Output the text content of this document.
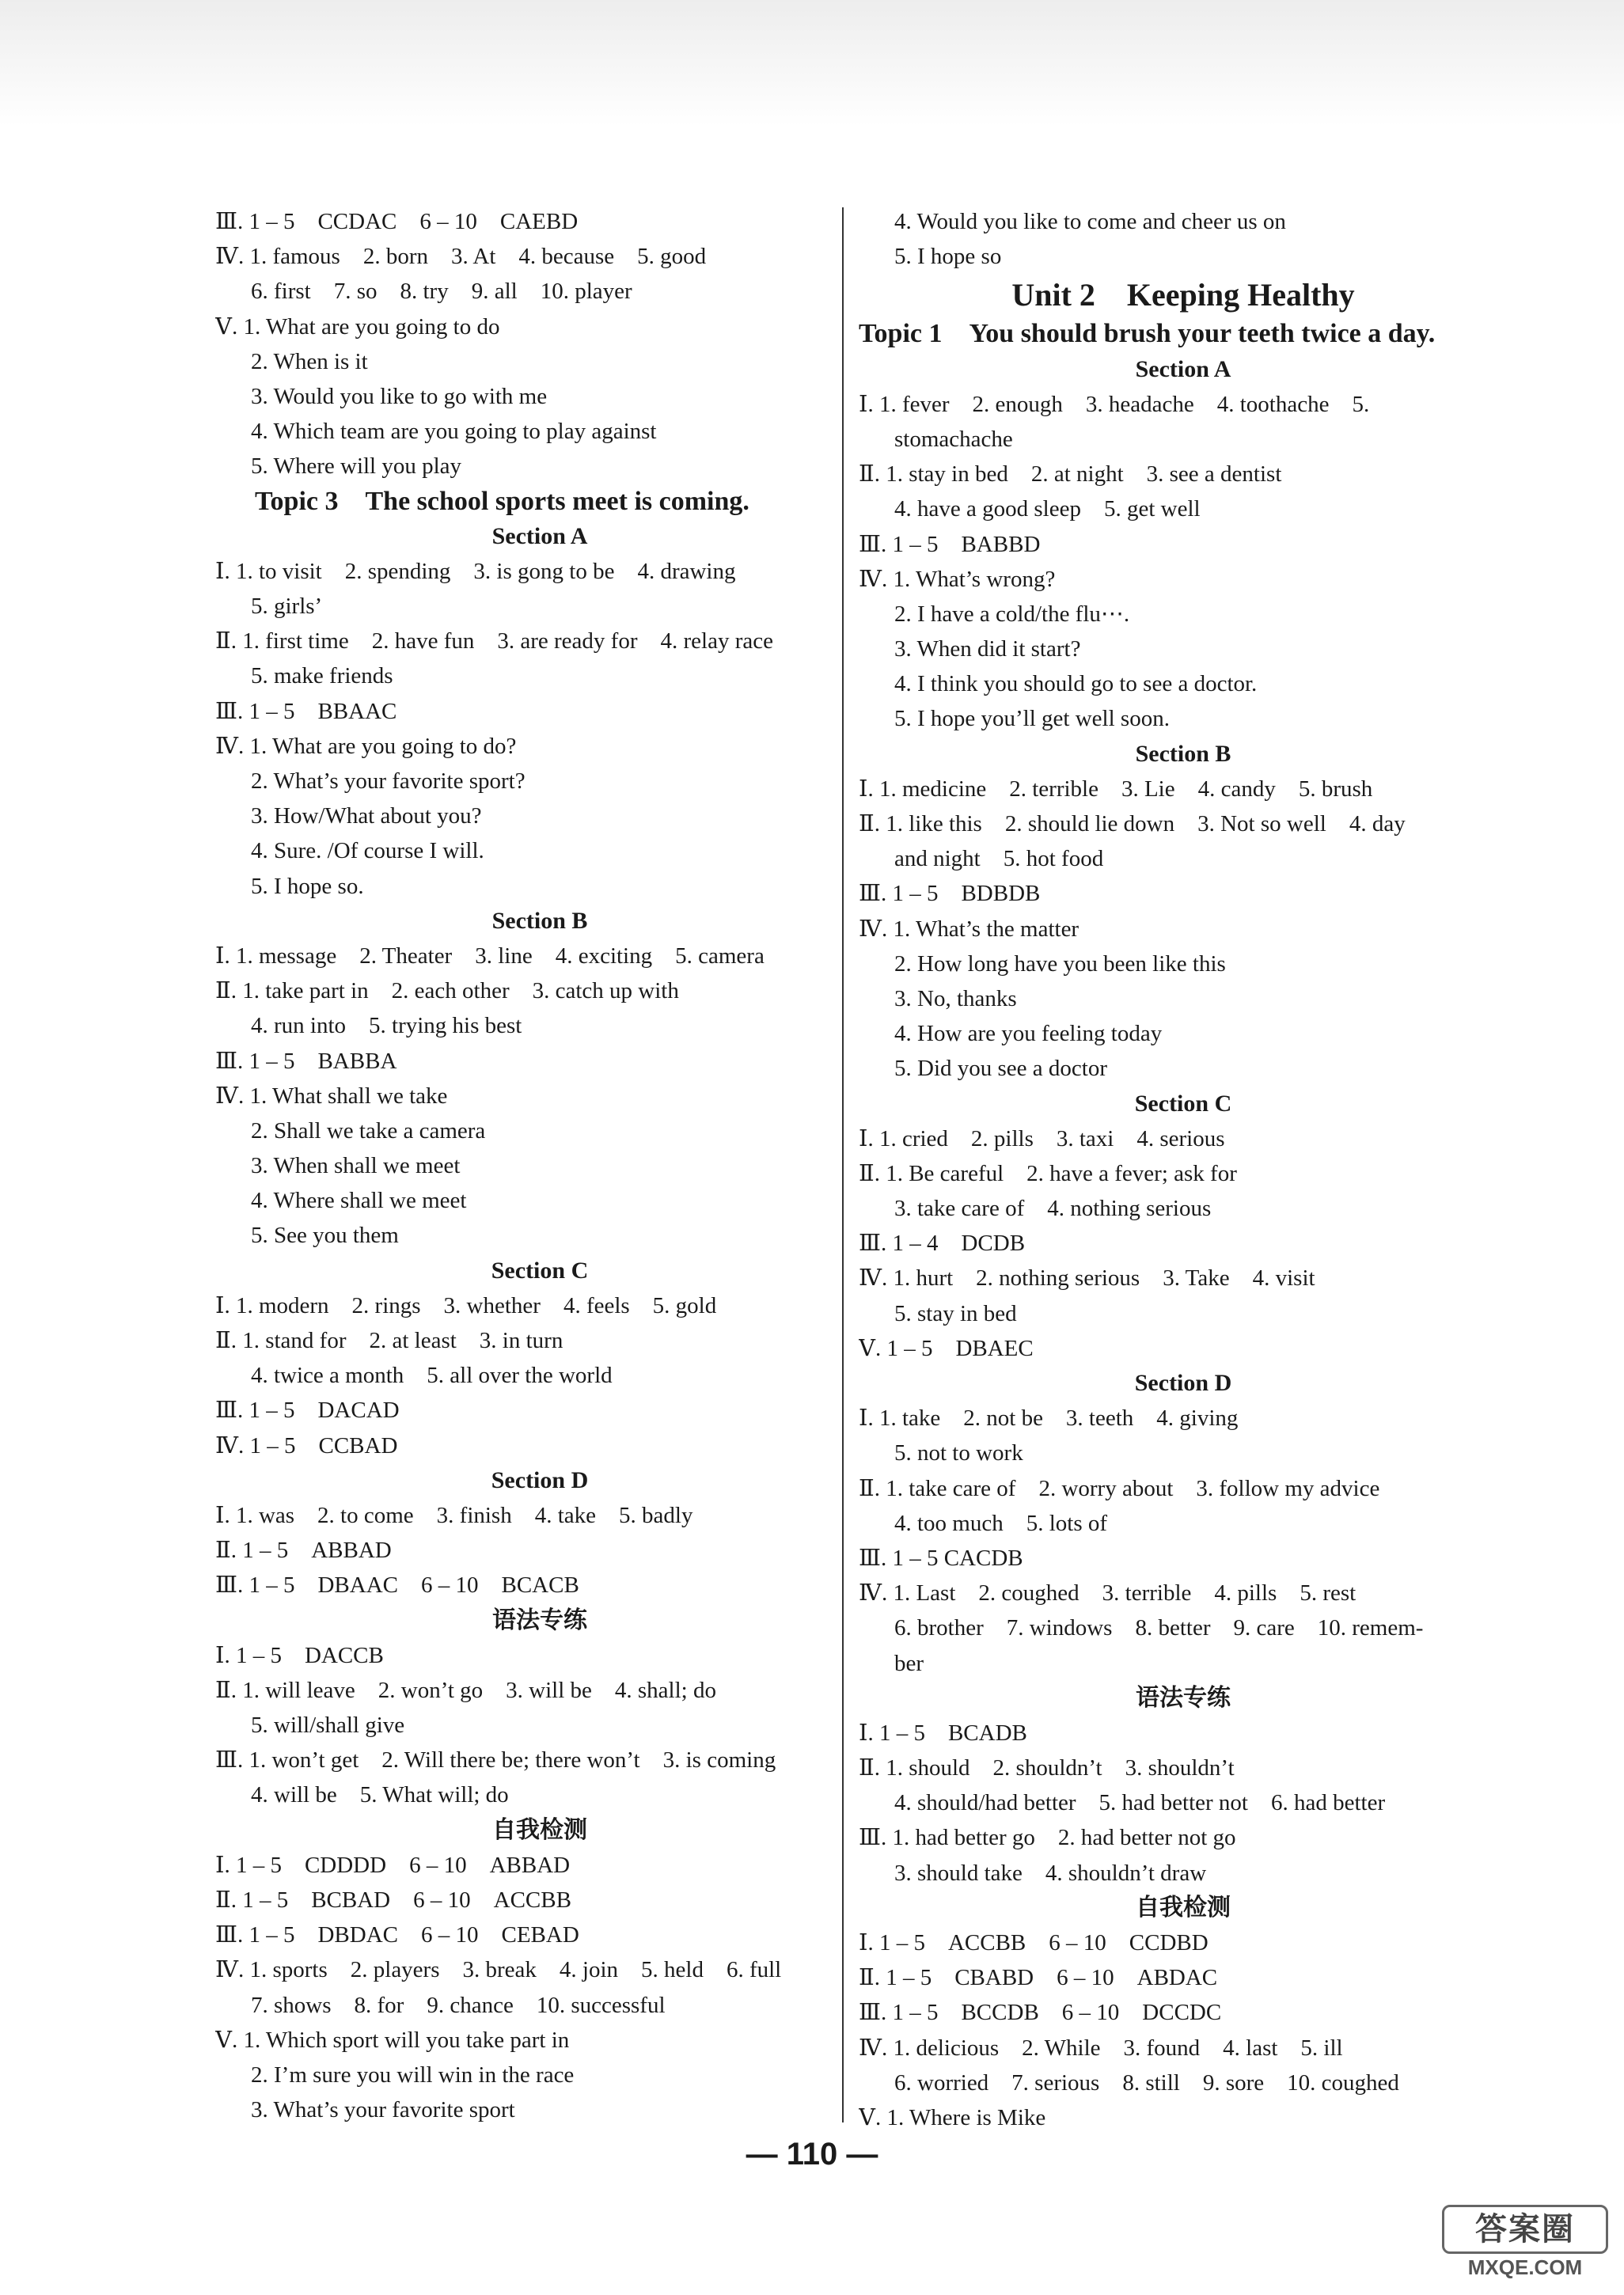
Ⅲ. 1 – 5　CCDAC　6 – 10　CAEBD
Ⅳ. 1. famous　2. born　3. At　4. because　5. good
6. first　7. so　8. try　9. all　10. player
Ⅴ. 1. What are you going to do
2. When is it
3. Would you like to go with me
4. Which team are you going to play against
5. Where will you play
Topic 3　The school sports meet is coming.
Section A
Ⅰ. 1. to visit　2. spending　3. is gong to be　4. drawing
5. girls’
Ⅱ. 1. first time　2. have fun　3. are ready for　4. relay race
5. make friends
Ⅲ. 1 – 5　BBAAC
Ⅳ. 1. What are you going to do?
2. What’s your favorite sport?
3. How/What about you?
4. Sure. /Of course I will.
5. I hope so.
Section B
Ⅰ. 1. message　2. Theater　3. line　4. exciting　5. camera
Ⅱ. 1. take part in　2. each other　3. catch up with
4. run into　5. trying his best
Ⅲ. 1 – 5　BABBA
Ⅳ. 1. What shall we take
2. Shall we take a camera
3. When shall we meet
4. Where shall we meet
5. See you them
Section C
Ⅰ. 1. modern　2. rings　3. whether　4. feels　5. gold
Ⅱ. 1. stand for　2. at least　3. in turn
4. twice a month　5. all over the world
Ⅲ. 1 – 5　DACAD
Ⅳ. 1 – 5　CCBAD
Section D
Ⅰ. 1. was　2. to come　3. finish　4. take　5. badly
Ⅱ. 1 – 5　ABBAD
Ⅲ. 1 – 5　DBAAC　6 – 10　BCACB
语法专练
Ⅰ. 1 – 5　DACCB
Ⅱ. 1. will leave　2. won’t go　3. will be　4. shall; do
5. will/shall give
Ⅲ. 1. won’t get　2. Will there be; there won’t　3. is coming
4. will be　5. What will; do
自我检测
Ⅰ. 1 – 5　CDDDD　6 – 10　ABBAD
Ⅱ. 1 – 5　BCBAD　6 – 10　ACCBB
Ⅲ. 1 – 5　DBDAC　6 – 10　CEBAD
Ⅳ. 1. sports　2. players　3. break　4. join　5. held　6. full
7. shows　8. for　9. chance　10. successful
Ⅴ. 1. Which sport will you take part in
2. I’m sure you will win in the race
3. What’s your favorite sport
4. Would you like to come and cheer us on
5. I hope so
Unit 2　Keeping Healthy
Topic 1　You should brush your teeth twice a day.
Section A
Ⅰ. 1. fever　2. enough　3. headache　4. toothache　5.
stomachache
Ⅱ. 1. stay in bed　2. at night　3. see a dentist
4. have a good sleep　5. get well
Ⅲ. 1 – 5　BABBD
Ⅳ. 1. What’s wrong?
2. I have a cold/the flu⋯.
3. When did it start?
4. I think you should go to see a doctor.
5. I hope you’ll get well soon.
Section B
Ⅰ. 1. medicine　2. terrible　3. Lie　4. candy　5. brush
Ⅱ. 1. like this　2. should lie down　3. Not so well　4. day
and night　5. hot food
Ⅲ. 1 – 5　BDBDB
Ⅳ. 1. What’s the matter
2. How long have you been like this
3. No, thanks
4. How are you feeling today
5. Did you see a doctor
Section C
Ⅰ. 1. cried　2. pills　3. taxi　4. serious
Ⅱ. 1. Be careful　2. have a fever; ask for
3. take care of　4. nothing serious
Ⅲ. 1 – 4　DCDB
Ⅳ. 1. hurt　2. nothing serious　3. Take　4. visit
5. stay in bed
Ⅴ. 1 – 5　DBAEC
Section D
Ⅰ. 1. take　2. not be　3. teeth　4. giving
5. not to work
Ⅱ. 1. take care of　2. worry about　3. follow my advice
4. too much　5. lots of
Ⅲ. 1 – 5 CACDB
Ⅳ. 1. Last　2. coughed　3. terrible　4. pills　5. rest
6. brother　7. windows　8. better　9. care　10. remem-
ber
语法专练
Ⅰ. 1 – 5　BCADB
Ⅱ. 1. should　2. shouldn’t　3. shouldn’t
4. should/had better　5. had better not　6. had better
Ⅲ. 1. had better go　2. had better not go
3. should take　4. shouldn’t draw
自我检测
Ⅰ. 1 – 5　ACCBB　6 – 10　CCDBD
Ⅱ. 1 – 5　CBABD　6 – 10　ABDAC
Ⅲ. 1 – 5　BCCDB　6 – 10　DCCDC
Ⅳ. 1. delicious　2. While　3. found　4. last　5. ill
6. worried　7. serious　8. still　9. sore　10. coughed
Ⅴ. 1. Where is Mike
— 110 —
答案圈
MXQE.COM
